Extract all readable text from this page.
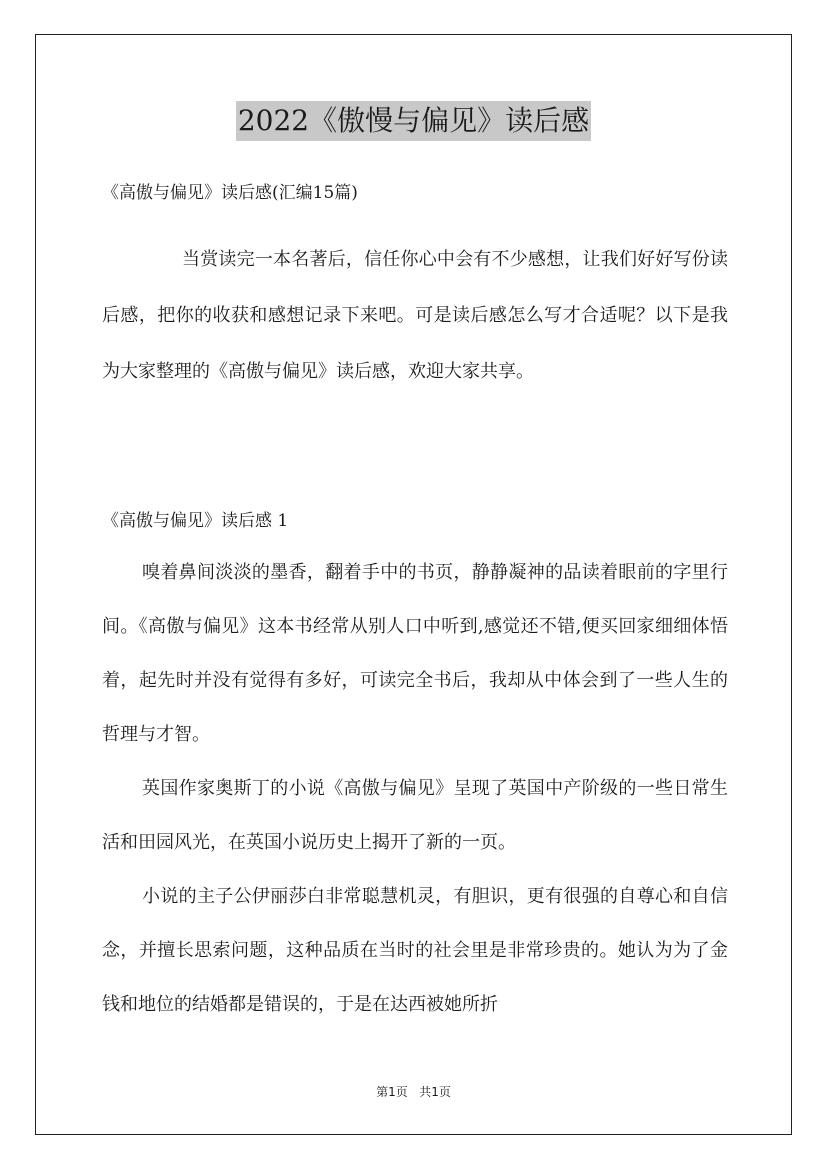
2022《傲慢与偏见》读后感
《高傲与偏见》读后感(汇编15篇)

当赏读完一本名著后，信任你心中会有不少感想，让我们好好写份读后感，把你的收获和感想记录下来吧。可是读后感怎么写才合适呢？以下是我为大家整理的《高傲与偏见》读后感，欢迎大家共享。

《高傲与偏见》读后感 1

嗅着鼻间淡淡的墨香，翻着手中的书页，静静凝神的品读着眼前的字里行间。《高傲与偏见》这本书经常从别人口中听到,感觉还不错,便买回家细细体悟着，起先时并没有觉得有多好，可读完全书后，我却从中体会到了一些人生的哲理与才智。

英国作家奥斯丁的小说《高傲与偏见》呈现了英国中产阶级的一些日常生活和田园风光，在英国小说历史上揭开了新的一页。

小说的主子公伊丽莎白非常聪慧机灵，有胆识，更有很强的自尊心和自信念，并擅长思索问题，这种品质在当时的社会里是非常珍贵的。她认为为了金钱和地位的结婚都是错误的，于是在达西被她所折

第1页 共1页
